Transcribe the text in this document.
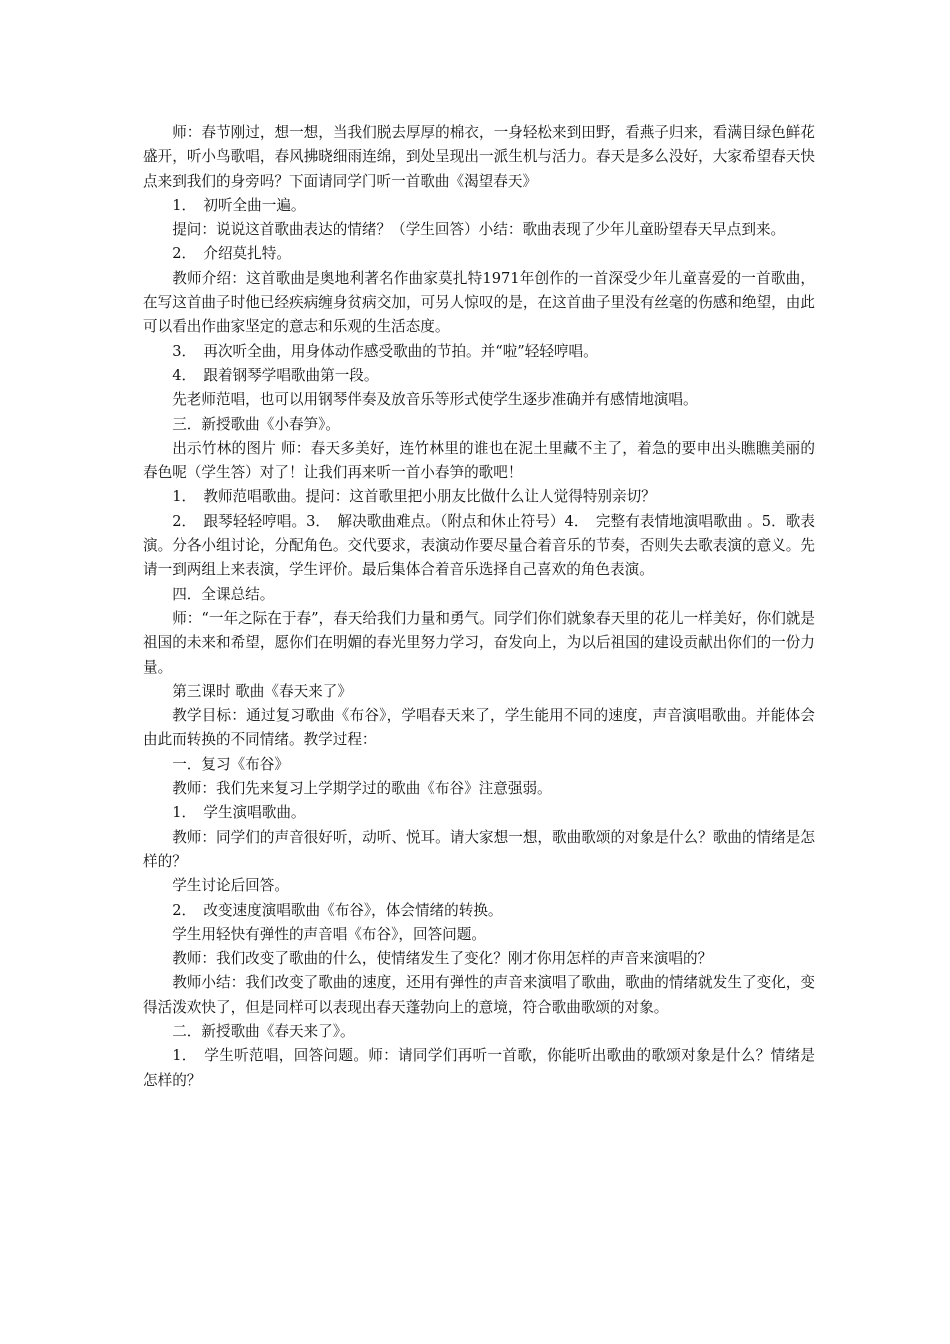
师：春节刚过，想一想，当我们脱去厚厚的棉衣，一身轻松来到田野，看燕子归来，看满目绿色鲜花盛开，听小鸟歌唱，春风拂晓细雨连绵，到处呈现出一派生机与活力。春天是多么没好，大家希望春天快点来到我们的身旁吗？下面请同学门听一首歌曲《渴望春天》

1．　初听全曲一遍。

提问：说说这首歌曲表达的情绪？（学生回答）小结：歌曲表现了少年儿童盼望春天早点到来。

2．　介绍莫扎特。

教师介绍：这首歌曲是奥地利著名作曲家莫扎特1971年创作的一首深受少年儿童喜爱的一首歌曲，在写这首曲子时他已经疾病缠身贫病交加，可另人惊叹的是，在这首曲子里没有丝毫的伤感和绝望，由此可以看出作曲家坚定的意志和乐观的生活态度。

3．　再次听全曲，用身体动作感受歌曲的节拍。并“啦”轻轻哼唱。

4．　跟着钢琴学唱歌曲第一段。

先老师范唱，也可以用钢琴伴奏及放音乐等形式使学生逐步准确并有感情地演唱。

三．新授歌曲《小春笋》。

出示竹林的图片 师：春天多美好，连竹林里的谁也在泥土里藏不主了，着急的要申出头瞧瞧美丽的春色呢（学生答）对了！让我们再来听一首小春笋的歌吧！

1．　教师范唱歌曲。提问：这首歌里把小朋友比做什么让人觉得特别亲切？

2．　跟琴轻轻哼唱。3．　解决歌曲难点。（附点和休止符号）4．　完整有表情地演唱歌曲 。5．歌表演。分各小组讨论，分配角色。交代要求，表演动作要尽量合着音乐的节奏，否则失去歌表演的意义。先请一到两组上来表演，学生评价。最后集体合着音乐选择自己喜欢的角色表演。

四．全课总结。

师：“一年之际在于春”，春天给我们力量和勇气。同学们你们就象春天里的花儿一样美好，你们就是祖国的未来和希望，愿你们在明媚的春光里努力学习，奋发向上，为以后祖国的建设贡献出你们的一份力量。

第三课时 歌曲《春天来了》

教学目标：通过复习歌曲《布谷》，学唱春天来了，学生能用不同的速度，声音演唱歌曲。并能体会由此而转换的不同情绪。教学过程：

一．复习《布谷》

教师：我们先来复习上学期学过的歌曲《布谷》注意强弱。

1．　学生演唱歌曲。

教师：同学们的声音很好听，动听、悦耳。请大家想一想，歌曲歌颂的对象是什么？歌曲的情绪是怎样的？

学生讨论后回答。

2．　改变速度演唱歌曲《布谷》，体会情绪的转换。

学生用轻快有弹性的声音唱《布谷》，回答问题。

教师：我们改变了歌曲的什么，使情绪发生了变化？刚才你用怎样的声音来演唱的？

教师小结：我们改变了歌曲的速度，还用有弹性的声音来演唱了歌曲，歌曲的情绪就发生了变化，变得活泼欢快了，但是同样可以表现出春天蓬勃向上的意境，符合歌曲歌颂的对象。

二．新授歌曲《春天来了》。

1．　学生听范唱，回答问题。师：请同学们再听一首歌，你能听出歌曲的歌颂对象是什么？情绪是怎样的？
